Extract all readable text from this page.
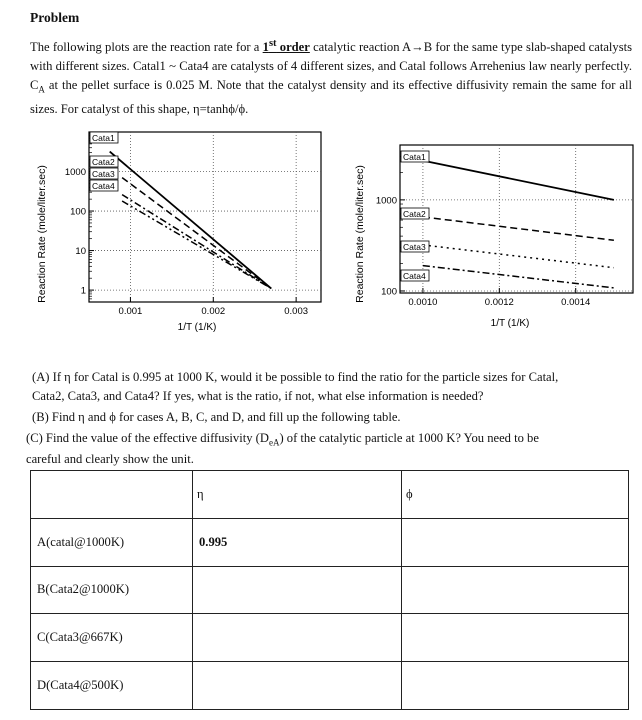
Problem
The following plots are the reaction rate for a 1st order catalytic reaction A→B for the same type slab-shaped catalysts with different sizes. Catal1 ~ Cata4 are catalysts of 4 different sizes, and Catal follows Arrehenius law nearly perfectly. $C_A$ at the pellet surface is 0.025 M. Note that the catalyst density and its effective diffusivity remain the same for all sizes. For catalyst of this shape, η=tanhϕ/ϕ.
0.001	0.002	0.003
1000
100
10
1
Cata1
Cata2
Cata3
Cata4
Reaction Rate (mole/liter.sec)
1/T (1/K)
0.0010	0.0012	0.0014
1000
100
Cata1
Cata2
Cata3
Cata4
Reaction Rate (mole/liter.sec)
1/T (1/K)
(A) If η for Catal is 0.995 at 1000 K, would it be possible to find the ratio for the particle sizes for Catal,
Cata2, Cata3, and Cata4? If yes, what is the ratio, if not, what else information is needed?
(B) Find η and ϕ for cases A, B, C, and D, and fill up the following table.
(C) Find the value of the effective diffusivity $(D_{eA})$ of the catalytic particle at 1000 K? You need to be
careful and clearly show the unit.
	η	ϕ
A(catal@1000K)	0.995	
B(Cata2@1000K)		
C(Cata3@667K)		
D(Cata4@500K)		
